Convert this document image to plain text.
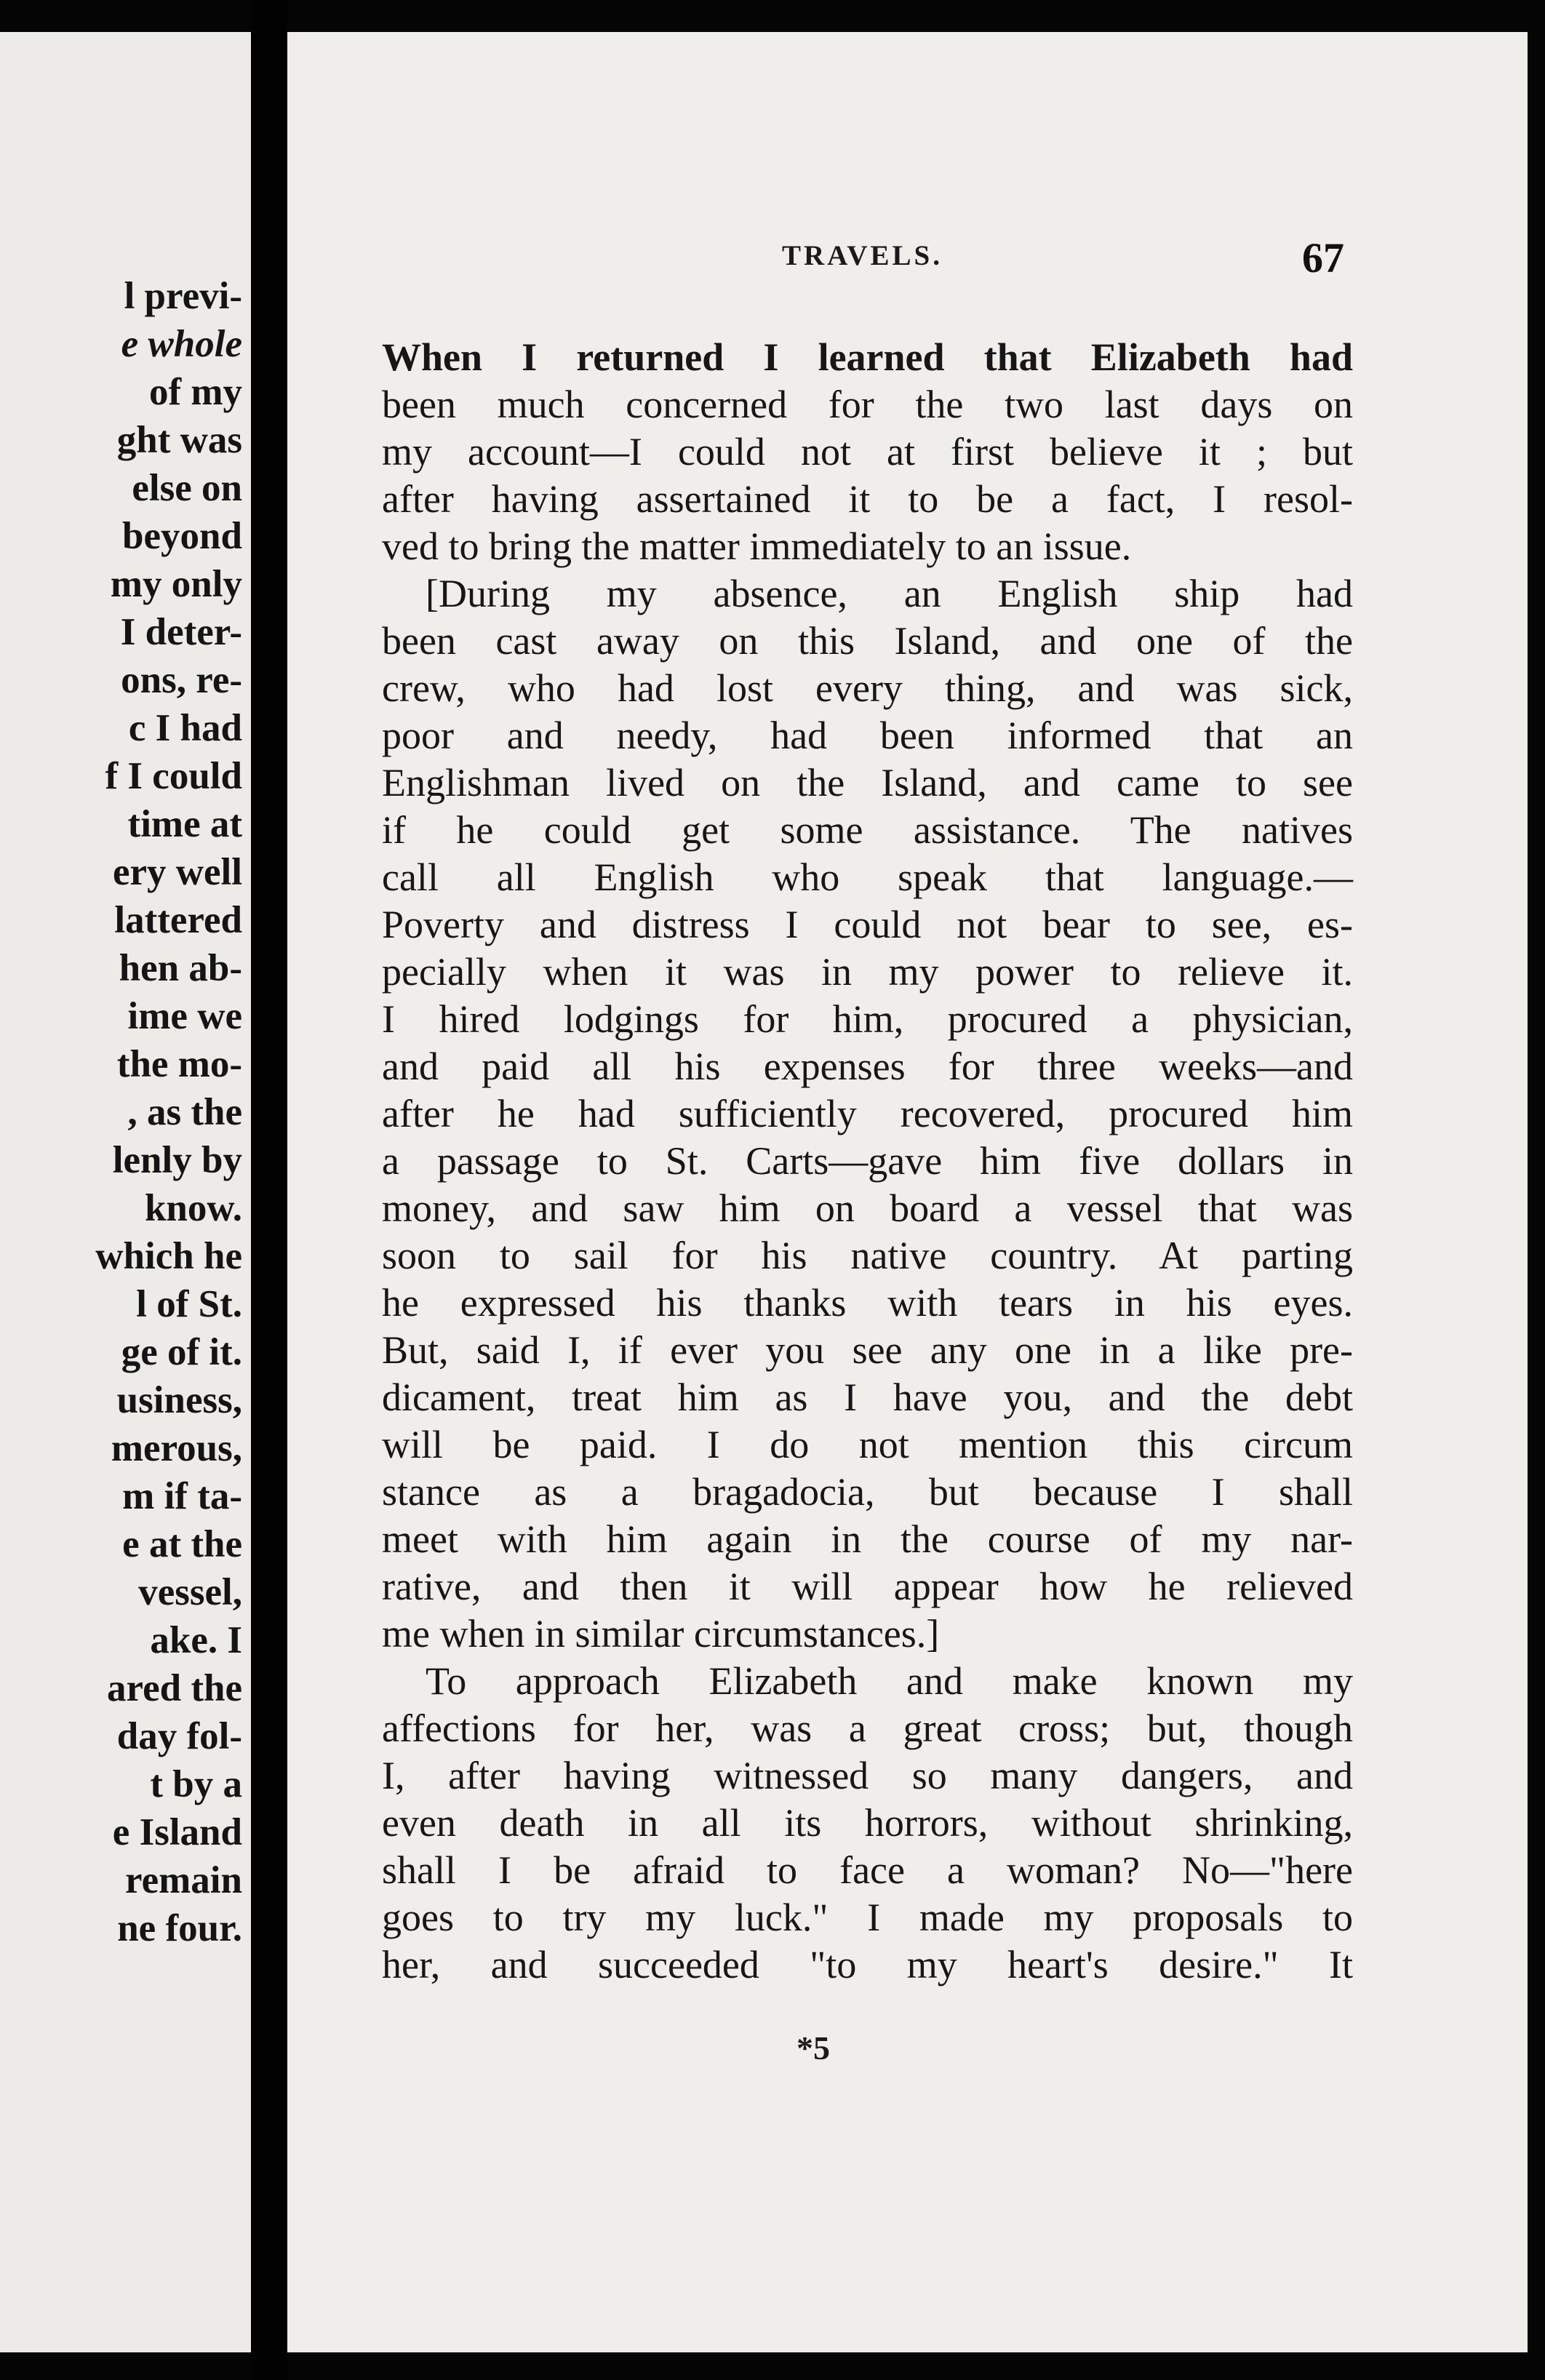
l previ-
e whole
of my
ght was
else on
beyond
my only
I deter-
ons, re-
c I had
f I could
time at
ery well
lattered
hen ab-
ime we
the mo-
, as the
lenly by
know.
which he
l of St.
ge of it.
usiness,
merous,
m if ta-
e at the
vessel,
ake. I
ared the
day fol-
t by a
e Island
remain
ne four.
TRAVELS.	67
When I returned I learned that Elizabeth had
been much concerned for the two last days on
my account—I could not at first believe it ; but
after having assertained it to be a fact, I resol-
ved to bring the matter immediately to an issue.
[During my absence, an English ship had
been cast away on this Island, and one of the
crew, who had lost every thing, and was sick,
poor and needy, had been informed that an
Englishman lived on the Island, and came to see
if he could get some assistance. The natives
call all English who speak that language.—
Poverty and distress I could not bear to see, es-
pecially when it was in my power to relieve it.
I hired lodgings for him, procured a physician,
and paid all his expenses for three weeks—and
after he had sufficiently recovered, procured him
a passage to St. Carts—gave him five dollars in
money, and saw him on board a vessel that was
soon to sail for his native country. At parting
he expressed his thanks with tears in his eyes.
But, said I, if ever you see any one in a like pre-
dicament, treat him as I have you, and the debt
will be paid. I do not mention this circum
stance as a bragadocia, but because I shall
meet with him again in the course of my nar-
rative, and then it will appear how he relieved
me when in similar circumstances.]
To approach Elizabeth and make known my
affections for her, was a great cross; but, though
I, after having witnessed so many dangers, and
even death in all its horrors, without shrinking,
shall I be afraid to face a woman? No—"here
goes to try my luck." I made my proposals to
her, and succeeded "to my heart's desire." It
*5
